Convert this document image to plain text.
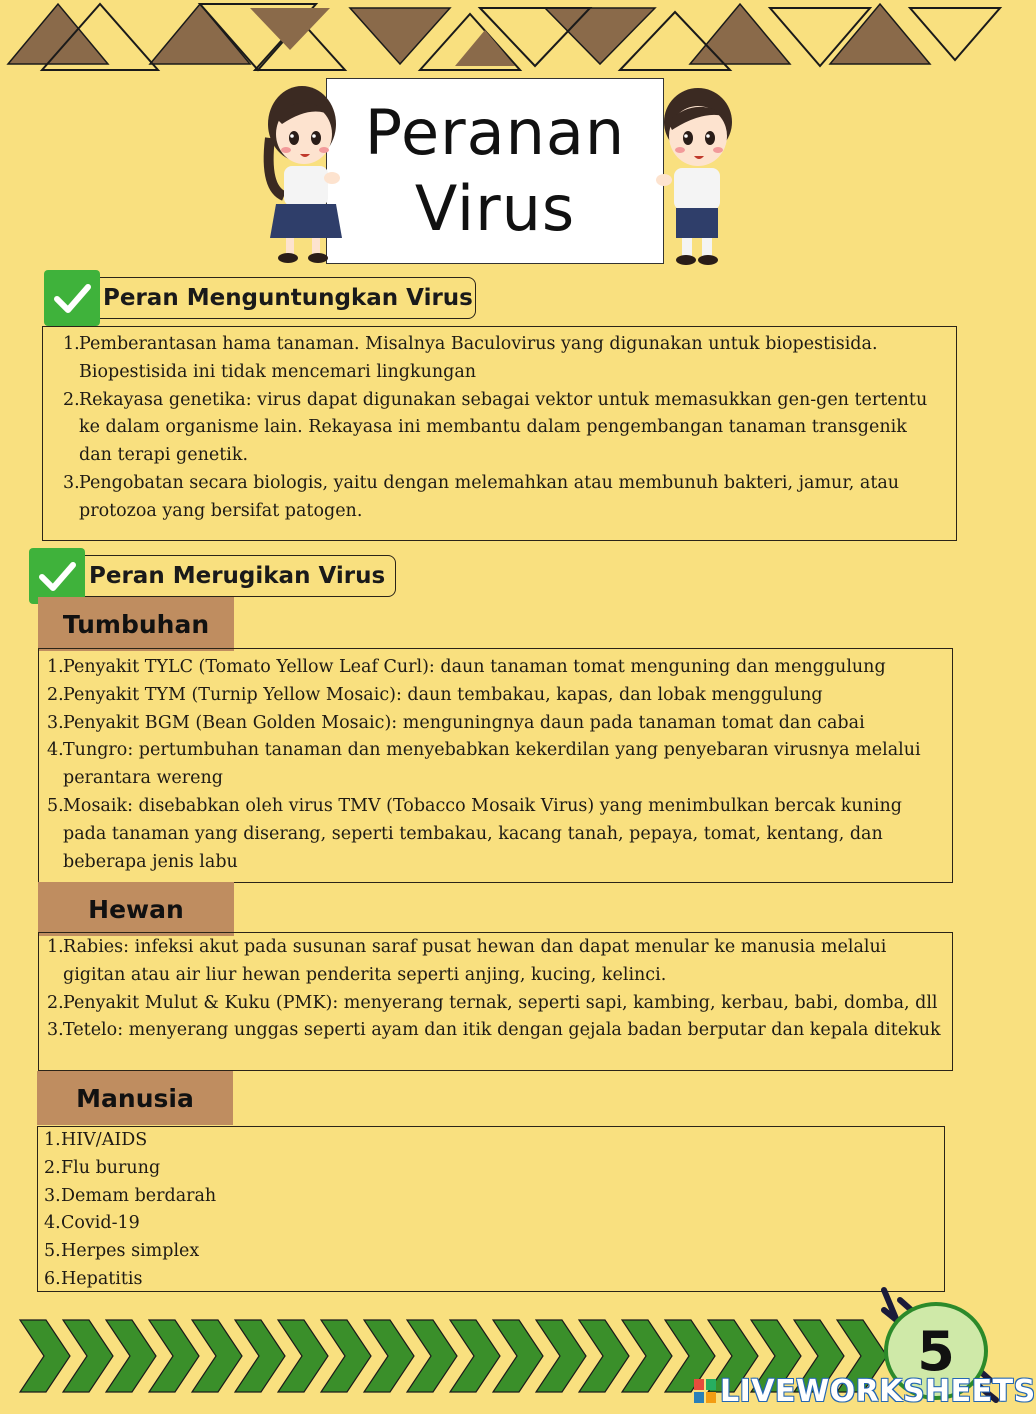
Peranan
Virus
Peran Menguntungkan Virus
1. Pemberantasan hama tanaman. Misalnya Baculovirus yang digunakan untuk biopestisida. Biopestisida ini tidak mencemari lingkungan
2. Rekayasa genetika: virus dapat digunakan sebagai vektor untuk memasukkan gen-gen tertentu ke dalam organisme lain. Rekayasa ini membantu dalam pengembangan tanaman transgenik dan terapi genetik.
3. Pengobatan secara biologis, yaitu dengan melemahkan atau membunuh bakteri, jamur, atau protozoa yang bersifat patogen.
Peran Merugikan Virus
Tumbuhan
1. Penyakit TYLC (Tomato Yellow Leaf Curl): daun tanaman tomat menguning dan menggulung
2. Penyakit TYM (Turnip Yellow Mosaic): daun tembakau, kapas, dan lobak menggulung
3. Penyakit BGM (Bean Golden Mosaic): menguningnya daun pada tanaman tomat dan cabai
4. Tungro: pertumbuhan tanaman dan menyebabkan kekerdilan yang penyebaran virusnya melalui perantara wereng
5. Mosaik: disebabkan oleh virus TMV (Tobacco Mosaik Virus) yang menimbulkan bercak kuning pada tanaman yang diserang, seperti tembakau, kacang tanah, pepaya, tomat, kentang, dan beberapa jenis labu
Hewan
1. Rabies: infeksi akut pada susunan saraf pusat hewan dan dapat menular ke manusia melalui gigitan atau air liur hewan penderita seperti anjing, kucing, kelinci.
2. Penyakit Mulut & Kuku (PMK): menyerang ternak, seperti sapi, kambing, kerbau, babi, domba, dll
3. Tetelo: menyerang unggas seperti ayam dan itik dengan gejala badan berputar dan kepala ditekuk
Manusia
1. HIV/AIDS
2. Flu burung
3. Demam berdarah
4. Covid-19
5. Herpes simplex
6. Hepatitis
5
LIVEWORKSHEETS
